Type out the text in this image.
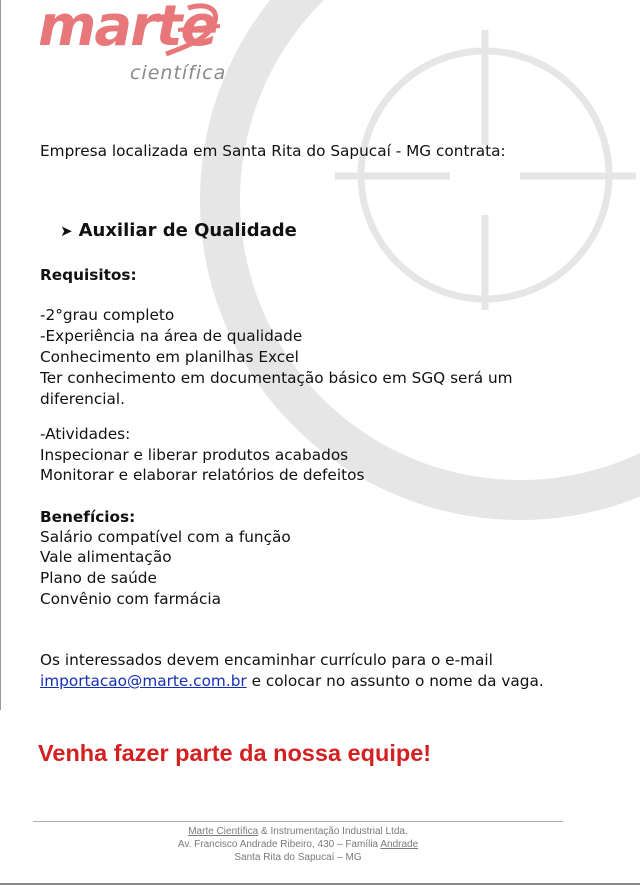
marte
científica
Empresa localizada em Santa Rita do Sapucaí - MG contrata:
➤ Auxiliar de Qualidade
Requisitos:
-2°grau completo
-Experiência na área de qualidade
Conhecimento em planilhas Excel
Ter conhecimento em documentação básico em SGQ será um
diferencial.
-Atividades:
Inspecionar e liberar produtos acabados
Monitorar e elaborar relatórios de defeitos
Benefícios:
Salário compatível com a função
Vale alimentação
Plano de saúde
Convênio com farmácia
Os interessados devem encaminhar currículo para o e-mail
importacao@marte.com.br e colocar no assunto o nome da vaga.
Venha fazer parte da nossa equipe!
Marte Científica & Instrumentação Industrial Ltda.
Av. Francisco Andrade Ribeiro, 430 – Família Andrade
Santa Rita do Sapucaí – MG
